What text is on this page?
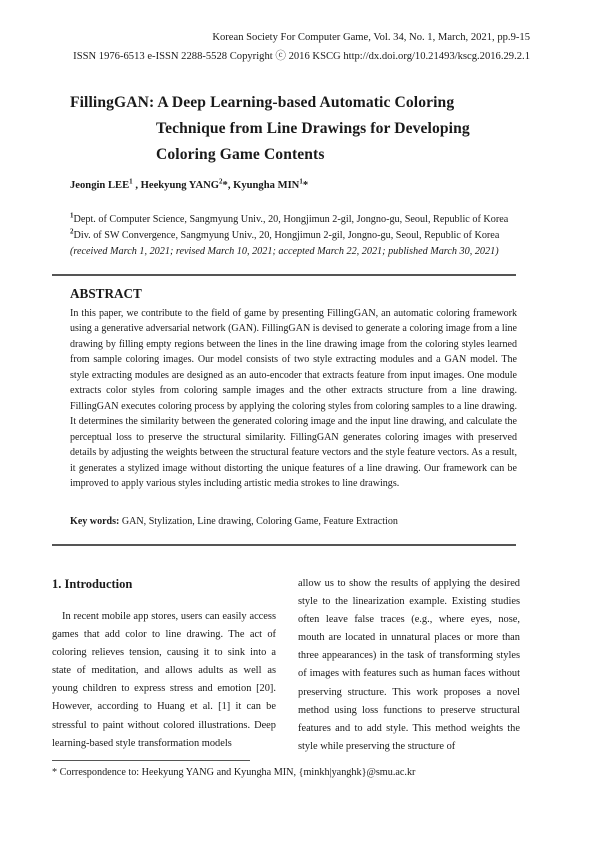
Korean Society For Computer Game, Vol. 34, No. 1, March, 2021, pp.9-15
ISSN 1976-6513 e-ISSN 2288-5528 Copyright ⓒ 2016 KSCG http://dx.doi.org/10.21493/kscg.2016.29.2.1
FillingGAN: A Deep Learning-based Automatic Coloring
Technique from Line Drawings for Developing
Coloring Game Contents
Jeongin LEE$^1$ , Heekyung YANG$^2$*, Kyungha MIN$^1$*
$^1$Dept. of Computer Science, Sangmyung Univ., 20, Hongjimun 2-gil, Jongno-gu, Seoul, Republic of Korea
$^2$Div. of SW Convergence, Sangmyung Univ., 20, Hongjimun 2-gil, Jongno-gu, Seoul, Republic of Korea
(received March 1, 2021; revised March 10, 2021; accepted March 22, 2021; published March 30, 2021)
ABSTRACT

In this paper, we contribute to the field of game by presenting FillingGAN, an automatic coloring framework using a generative adversarial network (GAN). FillingGAN is devised to generate a coloring image from a line drawing by filling empty regions between the lines in the line drawing image from the coloring styles learned from sample coloring images. Our model consists of two style extracting modules and a GAN model. The style extracting modules are designed as an auto-encoder that extracts feature from input images. One module extracts color styles from coloring sample images and the other extracts structure from a line drawing. FillingGAN executes coloring process by applying the coloring styles from coloring samples to a line drawing. It determines the similarity between the generated coloring image and the input line drawing, and calculate the perceptual loss to preserve the structural similarity. FillingGAN generates coloring images with preserved details by adjusting the weights between the structural feature vectors and the style feature vectors. As a result, it generates a stylized image without distorting the unique features of a line drawing. Our framework can be improved to apply various styles including artistic media strokes to line drawings.

Key words: GAN, Stylization, Line drawing, Coloring Game, Feature Extraction
1. Introduction
In recent mobile app stores, users can easily access games that add color to line drawing. The act of coloring relieves tension, causing it to sink into a state of meditation, and allows adults as well as young children to express stress and emotion [20]. However, according to Huang et al. [1] it can be stressful to paint without colored illustrations. Deep learning-based style transformation models
allow us to show the results of applying the desired style to the linearization example. Existing studies often leave false traces (e.g., where eyes, nose, mouth are located in unnatural places or more than three appearances) in the task of transforming styles of images with features such as human faces without preserving structure. This work proposes a novel method using loss functions to preserve structural features and to add style. This method weights the style while preserving the structure of
* Correspondence to: Heekyung YANG and Kyungha MIN, {minkh|yanghk}@smu.ac.kr
